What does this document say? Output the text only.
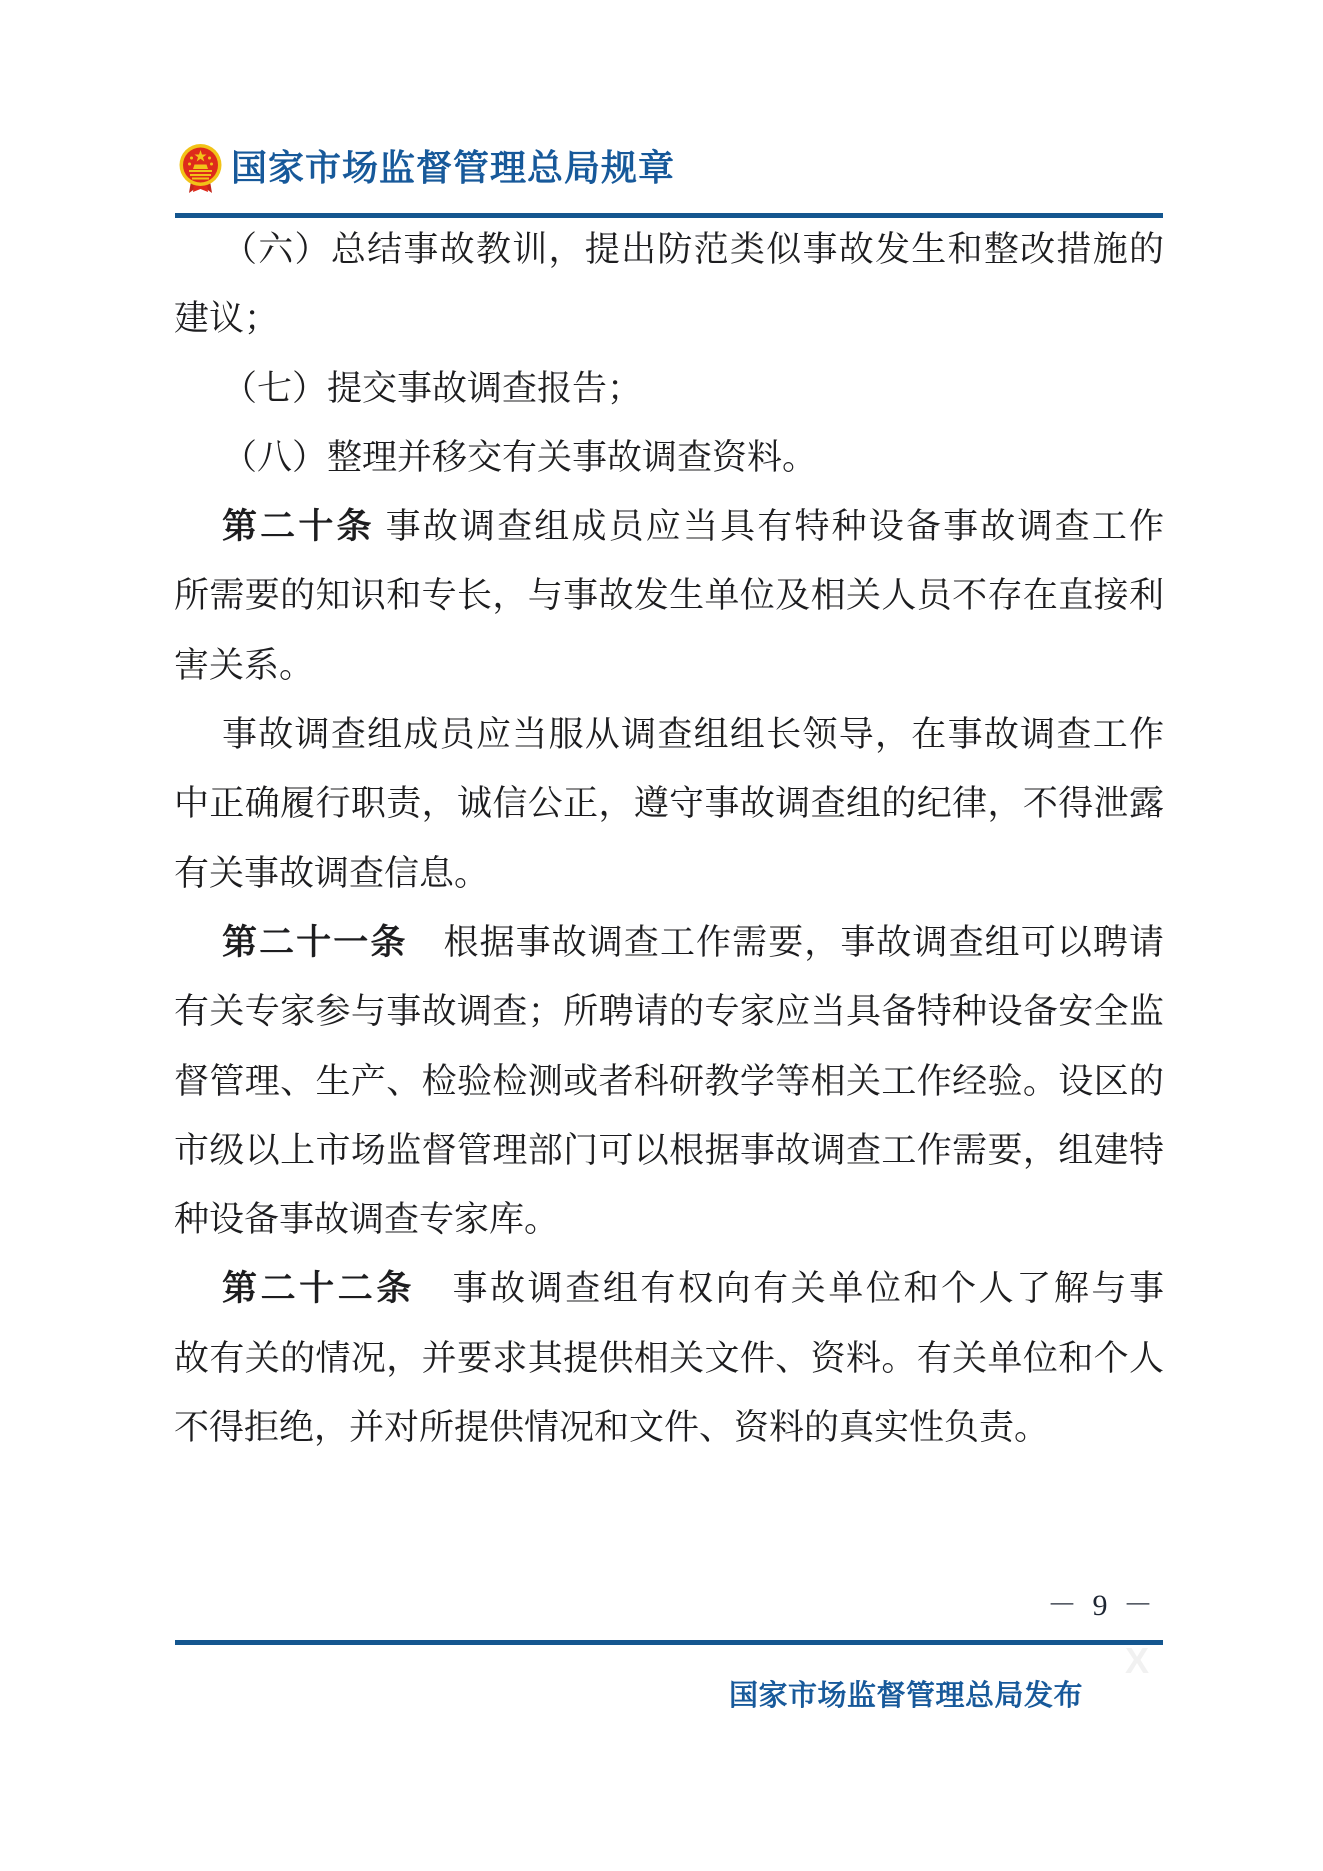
国家市场监督管理总局规章
（六）总结事故教训，提出防范类似事故发生和整改措施的
建议；
（七）提交事故调查报告；
（八）整理并移交有关事故调查资料。
第二十条 事故调查组成员应当具有特种设备事故调查工作
所需要的知识和专长，与事故发生单位及相关人员不存在直接利
害关系。
事故调查组成员应当服从调查组组长领导，在事故调查工作
中正确履行职责，诚信公正，遵守事故调查组的纪律，不得泄露
有关事故调查信息。
第二十一条　根据事故调查工作需要，事故调查组可以聘请
有关专家参与事故调查；所聘请的专家应当具备特种设备安全监
督管理、生产、检验检测或者科研教学等相关工作经验。设区的
市级以上市场监督管理部门可以根据事故调查工作需要，组建特
种设备事故调查专家库。
第二十二条　事故调查组有权向有关单位和个人了解与事
故有关的情况，并要求其提供相关文件、资料。有关单位和个人
不得拒绝，并对所提供情况和文件、资料的真实性负责。
－ 9 －
X
国家市场监督管理总局发布
